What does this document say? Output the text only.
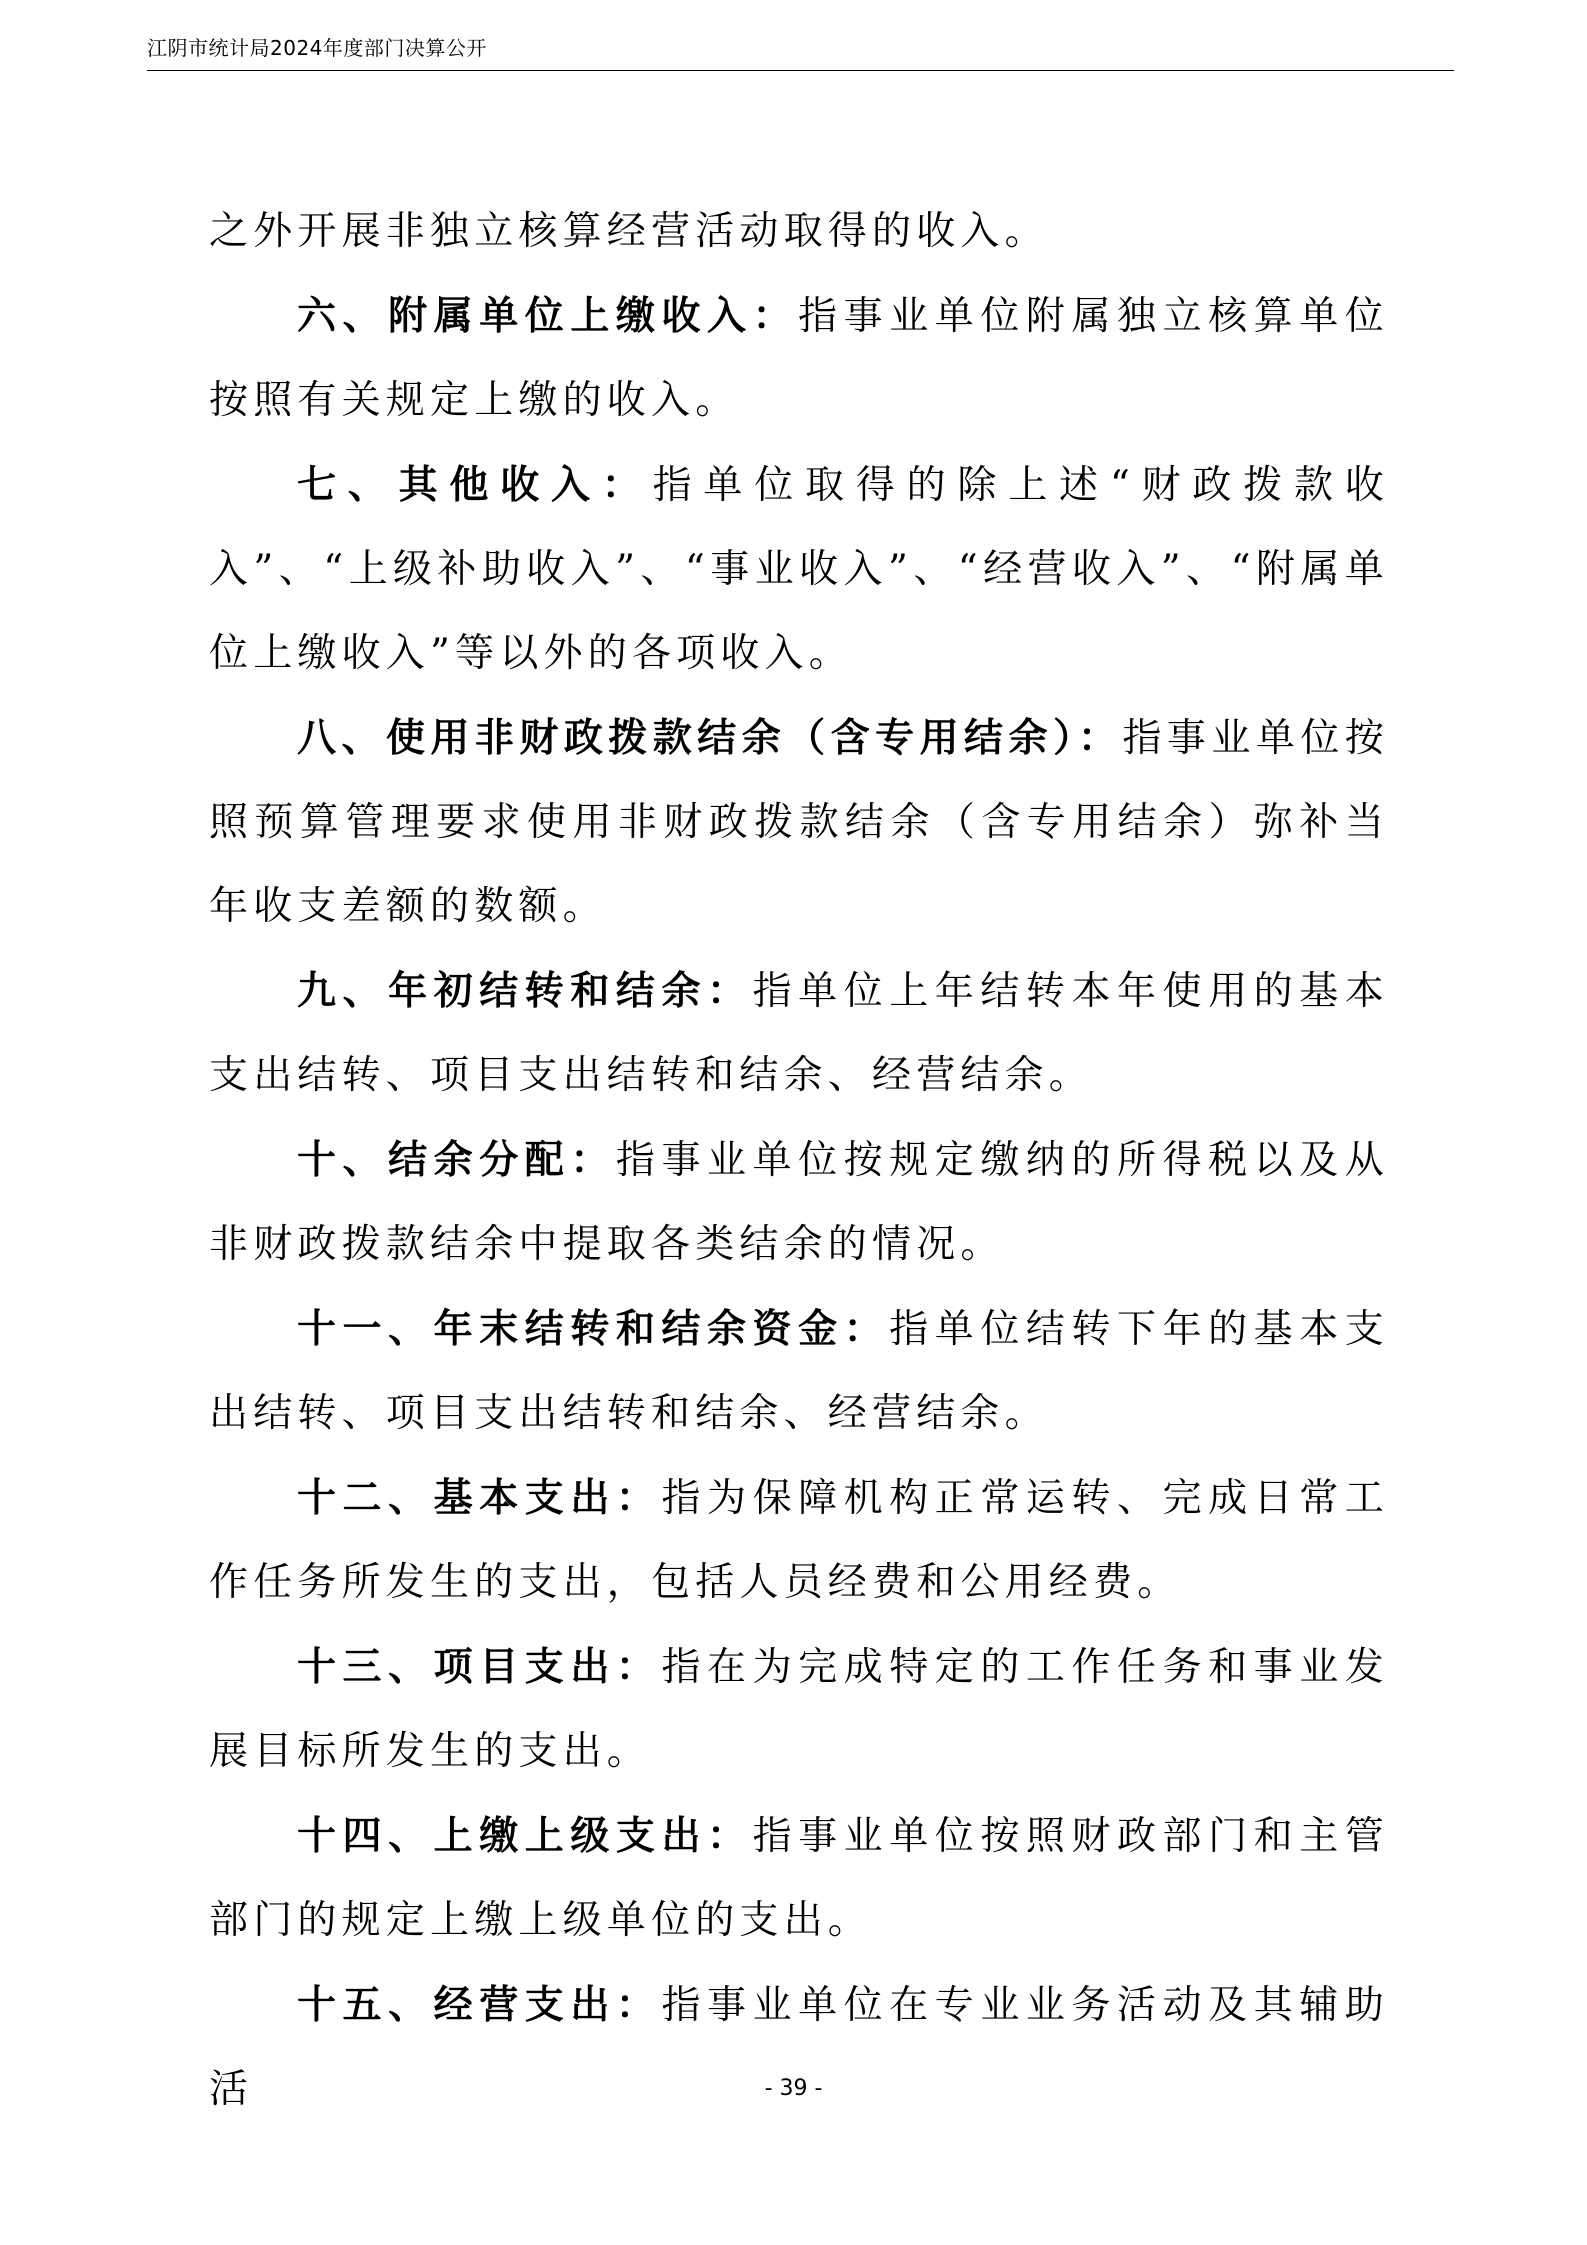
江阴市统计局2024年度部门决算公开

之外开展非独立核算经营活动取得的收入。

六、附属单位上缴收入：指事业单位附属独立核算单位按照有关规定上缴的收入。

七、其他收入：指单位取得的除上述“财政拨款收入”、“上级补助收入”、“事业收入”、“经营收入”、“附属单位上缴收入”等以外的各项收入。

八、使用非财政拨款结余（含专用结余）：指事业单位按照预算管理要求使用非财政拨款结余（含专用结余）弥补当年收支差额的数额。

九、年初结转和结余：指单位上年结转本年使用的基本支出结转、项目支出结转和结余、经营结余。

十、结余分配：指事业单位按规定缴纳的所得税以及从非财政拨款结余中提取各类结余的情况。

十一、年末结转和结余资金：指单位结转下年的基本支出结转、项目支出结转和结余、经营结余。

十二、基本支出：指为保障机构正常运转、完成日常工作任务所发生的支出，包括人员经费和公用经费。

十三、项目支出：指在为完成特定的工作任务和事业发展目标所发生的支出。

十四、上缴上级支出：指事业单位按照财政部门和主管部门的规定上缴上级单位的支出。

十五、经营支出：指事业单位在专业业务活动及其辅助活	- 39 -
